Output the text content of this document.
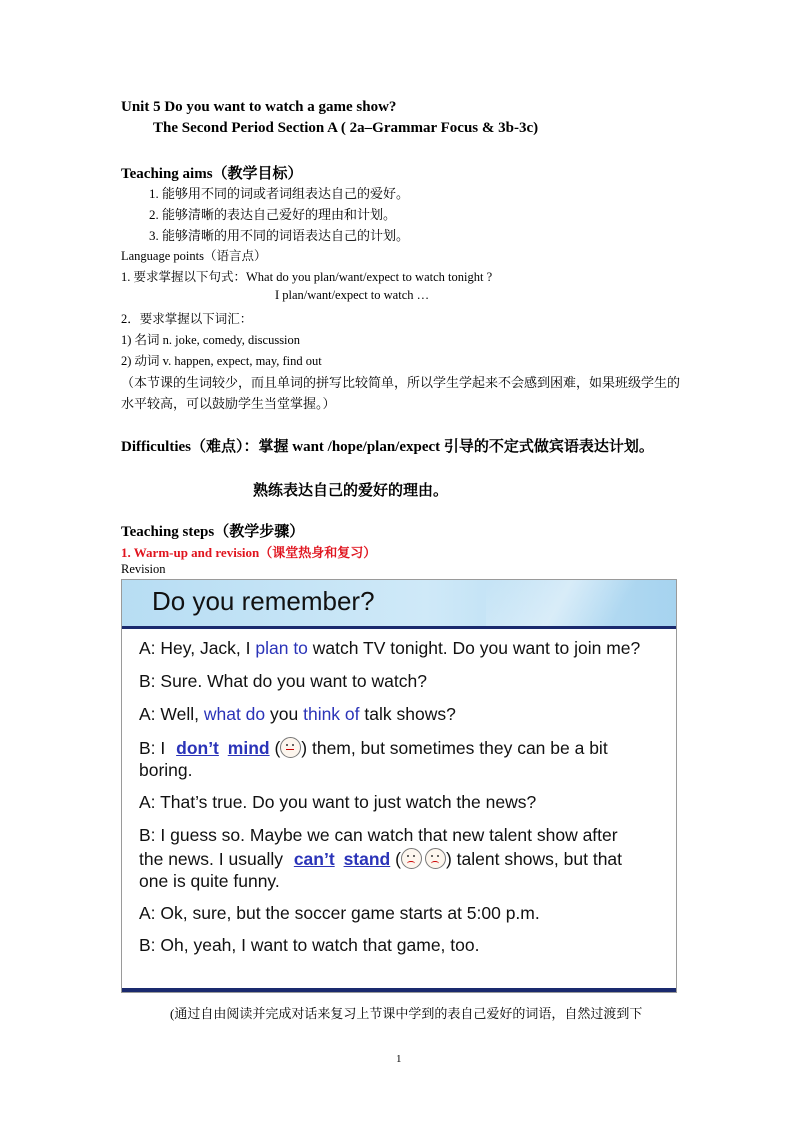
Unit 5 Do you want to watch a game show?
The Second Period Section A ( 2a–Grammar Focus & 3b-3c)
Teaching aims（教学目标）
1. 能够用不同的词或者词组表达自己的爱好。
2. 能够清晰的表达自己爱好的理由和计划。
3. 能够清晰的用不同的词语表达自己的计划。
Language points（语言点）
1. 要求掌握以下句式：What do you plan/want/expect to watch tonight ?
I plan/want/expect to watch …
2．要求掌握以下词汇：
1) 名词 n. joke, comedy, discussion
2) 动词 v. happen, expect, may, find out
（本节课的生词较少，而且单词的拼写比较简单，所以学生学起来不会感到困难，如果班级学生的水平较高，可以鼓励学生当堂掌握。）
Difficulties（难点）：掌握 want /hope/plan/expect 引导的不定式做宾语表达计划。
熟练表达自己的爱好的理由。
Teaching steps（教学步骤）
1. Warm-up and revision（课堂热身和复习）
Revision
Do you remember?
A: Hey, Jack, I plan to watch TV tonight. Do you want to join me?
B: Sure. What do you want to watch?
A: Well, what do you think of talk shows?
B: I don’t mind ( ) them, but sometimes they can be a bit
boring.
A: That’s true. Do you want to just watch the news?
B: I guess so. Maybe we can watch that new talent show after
the news. I usually can’t stand (	) talent shows, but that
one is quite funny.
A: Ok, sure, but the soccer game starts at 5:00 p.m.
B: Oh, yeah, I want to watch that game, too.
(通过自由阅读并完成对话来复习上节课中学到的表自己爱好的词语，自然过渡到下
1
